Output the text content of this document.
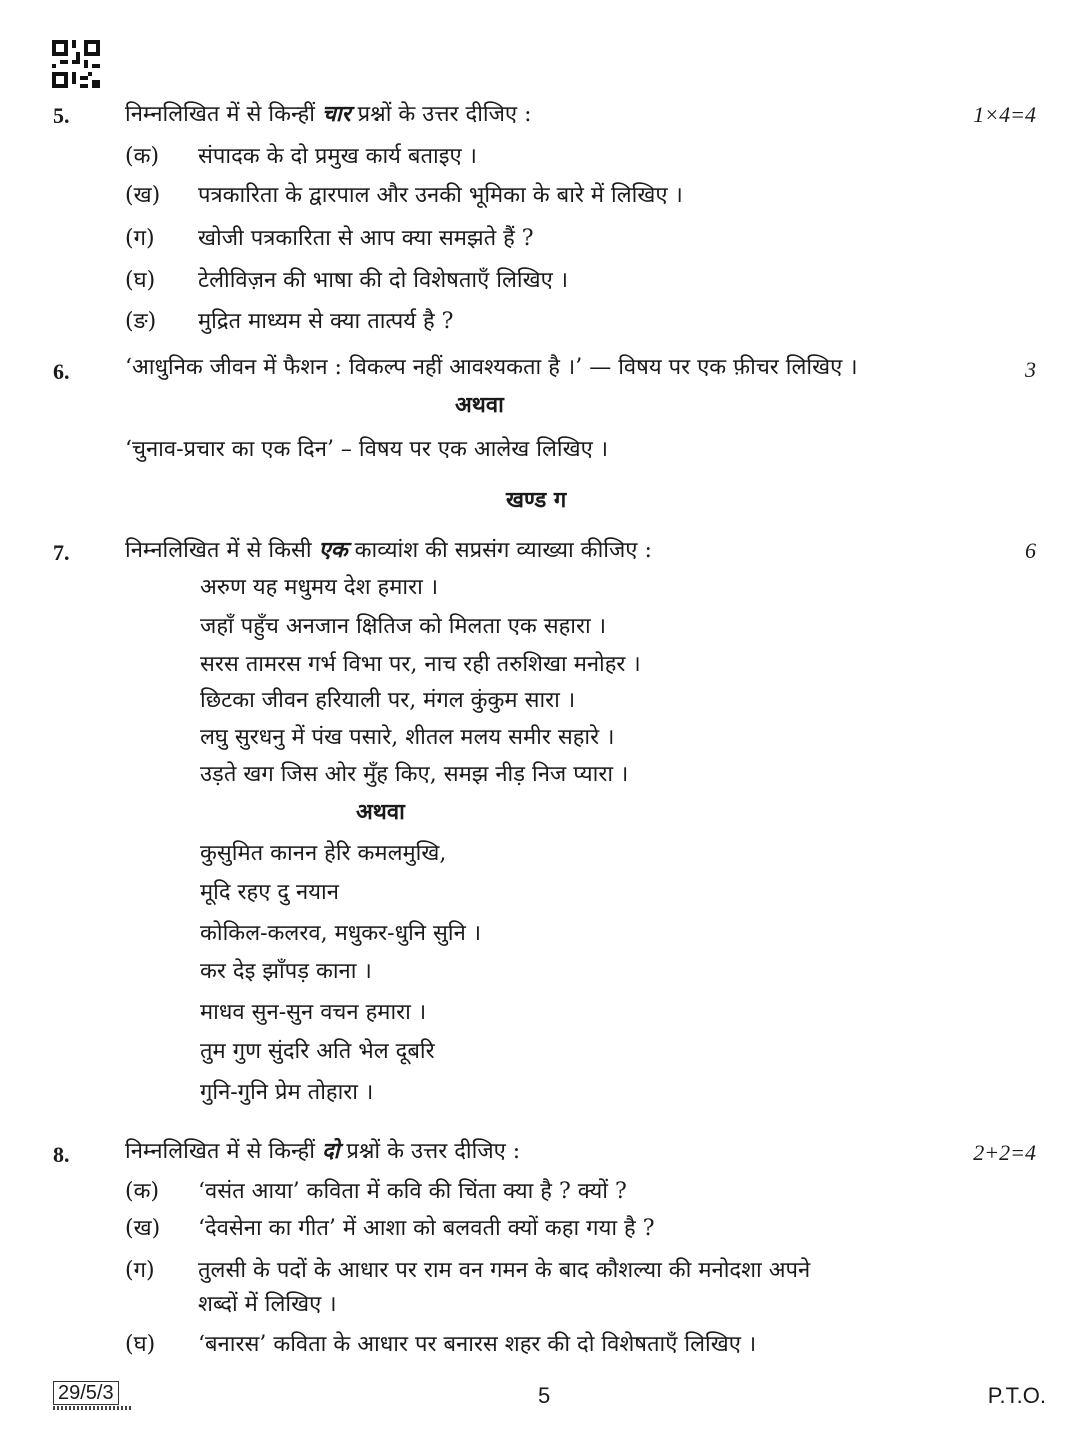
5.	निम्नलिखित में से किन्हीं चार प्रश्नों के उत्तर दीजिए :	1×4=4
(क) संपादक के दो प्रमुख कार्य बताइए ।
(ख) पत्रकारिता के द्वारपाल और उनकी भूमिका के बारे में लिखिए ।
(ग) खोजी पत्रकारिता से आप क्या समझते हैं ?
(घ) टेलीविज़न की भाषा की दो विशेषताएँ लिखिए ।
(ङ) मुद्रित माध्यम से क्या तात्पर्य है ?
6.	‘आधुनिक जीवन में फैशन : विकल्प नहीं आवश्यकता है ।’ — विषय पर एक फ़ीचर लिखिए ।	3
अथवा
‘चुनाव-प्रचार का एक दिन’ – विषय पर एक आलेख लिखिए ।
खण्ड ग
7.	निम्नलिखित में से किसी एक काव्यांश की सप्रसंग व्याख्या कीजिए :	6
अरुण यह मधुमय देश हमारा ।
जहाँ पहुँच अनजान क्षितिज को मिलता एक सहारा ।
सरस तामरस गर्भ विभा पर, नाच रही तरुशिखा मनोहर ।
छिटका जीवन हरियाली पर, मंगल कुंकुम सारा ।
लघु सुरधनु में पंख पसारे, शीतल मलय समीर सहारे ।
उड़ते खग जिस ओर मुँह किए, समझ नीड़ निज प्यारा ।
अथवा
कुसुमित कानन हेरि कमलमुखि,
मूदि रहए दु नयान
कोकिल-कलरव, मधुकर-धुनि सुनि ।
कर देइ झाँपड़ काना ।
माधव सुन-सुन वचन हमारा ।
तुम गुण सुंदरि अति भेल दूबरि
गुनि-गुनि प्रेम तोहारा ।
8.	निम्नलिखित में से किन्हीं दो प्रश्नों के उत्तर दीजिए :	2+2=4
(क) ‘वसंत आया’ कविता में कवि की चिंता क्या है ? क्यों ?
(ख) ‘देवसेना का गीत’ में आशा को बलवती क्यों कहा गया है ?
(ग) तुलसी के पदों के आधार पर राम वन गमन के बाद कौशल्या की मनोदशा अपने
शब्दों में लिखिए ।
(घ) ‘बनारस’ कविता के आधार पर बनारस शहर की दो विशेषताएँ लिखिए ।
29/5/3	5	P.T.O.
